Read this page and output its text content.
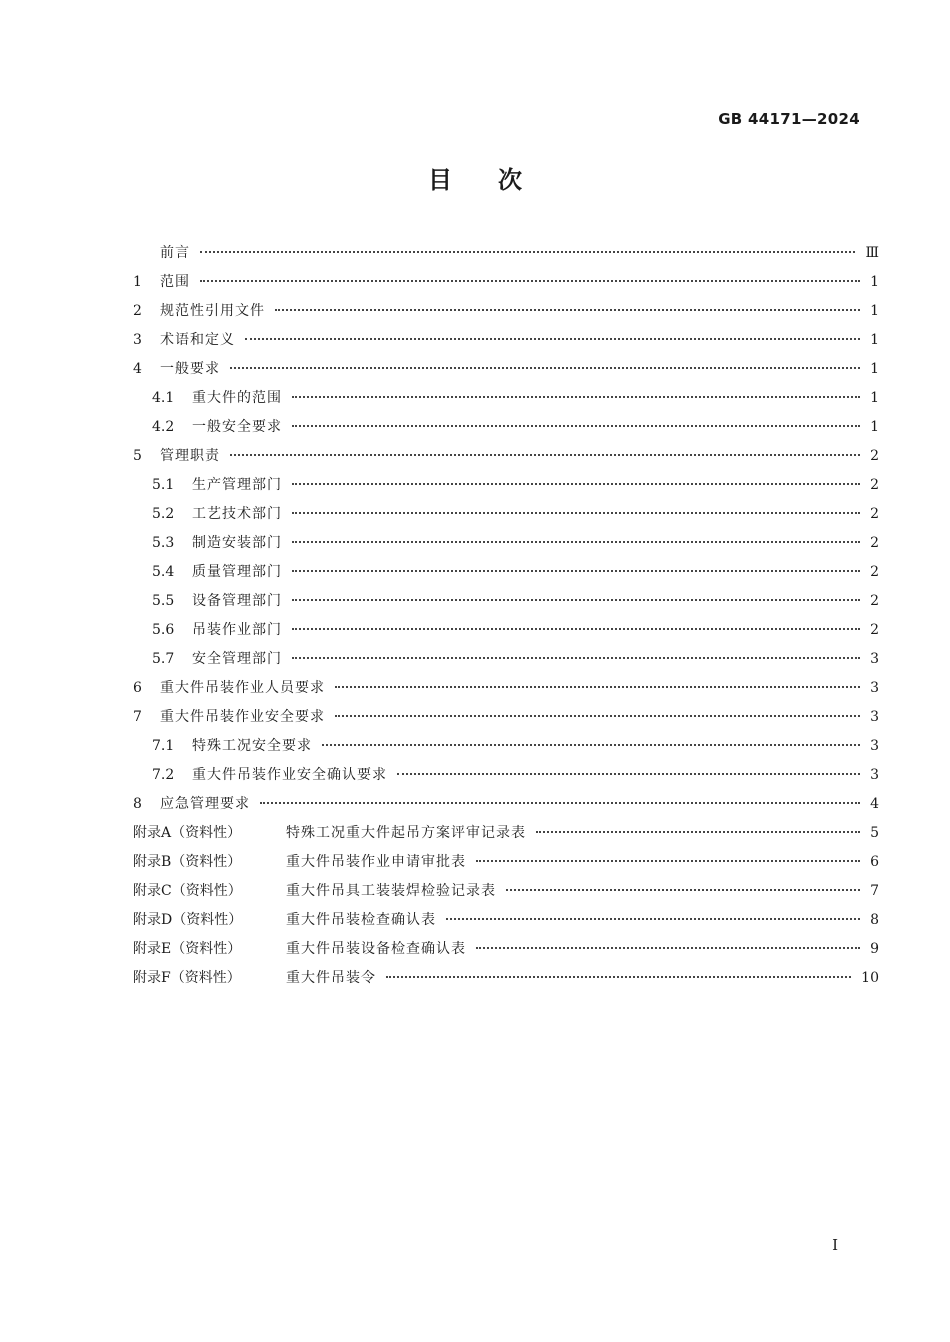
GB 44171—2024
目 次
前言	Ⅲ
1	范围	1
2	规范性引用文件	1
3	术语和定义	1
4	一般要求	1
4.1	重大件的范围	1
4.2	一般安全要求	1
5	管理职责	2
5.1	生产管理部门	2
5.2	工艺技术部门	2
5.3	制造安装部门	2
5.4	质量管理部门	2
5.5	设备管理部门	2
5.6	吊装作业部门	2
5.7	安全管理部门	3
6	重大件吊装作业人员要求	3
7	重大件吊装作业安全要求	3
7.1	特殊工况安全要求	3
7.2	重大件吊装作业安全确认要求	3
8	应急管理要求	4
附录A（资料性）	特殊工况重大件起吊方案评审记录表	5
附录B（资料性）	重大件吊装作业申请审批表	6
附录C（资料性）	重大件吊具工装装焊检验记录表	7
附录D（资料性）	重大件吊装检查确认表	8
附录E（资料性）	重大件吊装设备检查确认表	9
附录F（资料性）	重大件吊装令	10
I
